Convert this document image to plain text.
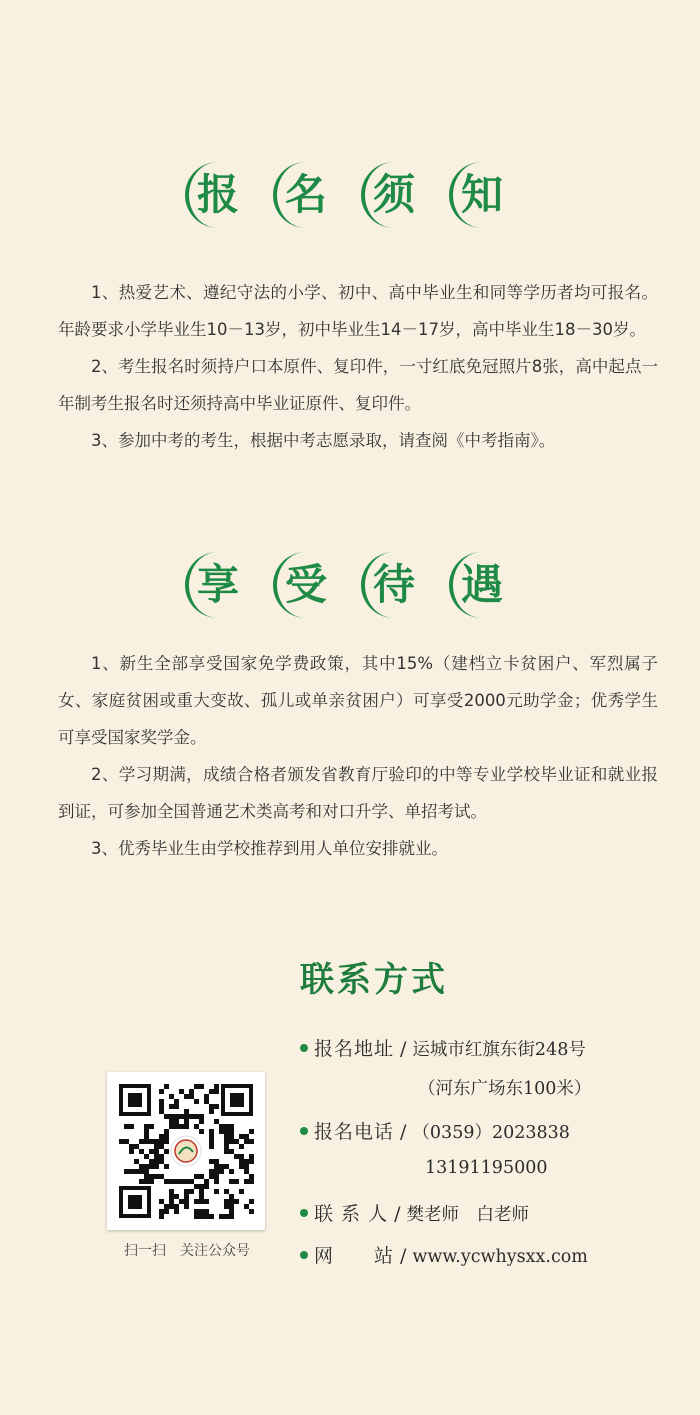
报 名 须 知

1、热爱艺术、遵纪守法的小学、初中、高中毕业生和同等学历者均可报名。年龄要求小学毕业生10－13岁，初中毕业生14－17岁，高中毕业生18－30岁。

2、考生报名时须持户口本原件、复印件，一寸红底免冠照片8张，高中起点一年制考生报名时还须持高中毕业证原件、复印件。

3、参加中考的考生，根据中考志愿录取，请查阅《中考指南》。

享 受 待 遇

1、新生全部享受国家免学费政策，其中15%（建档立卡贫困户、军烈属子女、家庭贫困或重大变故、孤儿或单亲贫困户）可享受2000元助学金；优秀学生可享受国家奖学金。

2、学习期满，成绩合格者颁发省教育厅验印的中等专业学校毕业证和就业报到证，可参加全国普通艺术类高考和对口升学、单招考试。

3、优秀毕业生由学校推荐到用人单位安排就业。

联系方式
报名地址 / 运城市红旗东街248号
（河东广场东100米）
报名电话 / （0359）2023838
13191195000
联 系 人 / 樊老师　白老师
网　　站 / www.ycwhysxx.com
扫一扫　关注公众号
